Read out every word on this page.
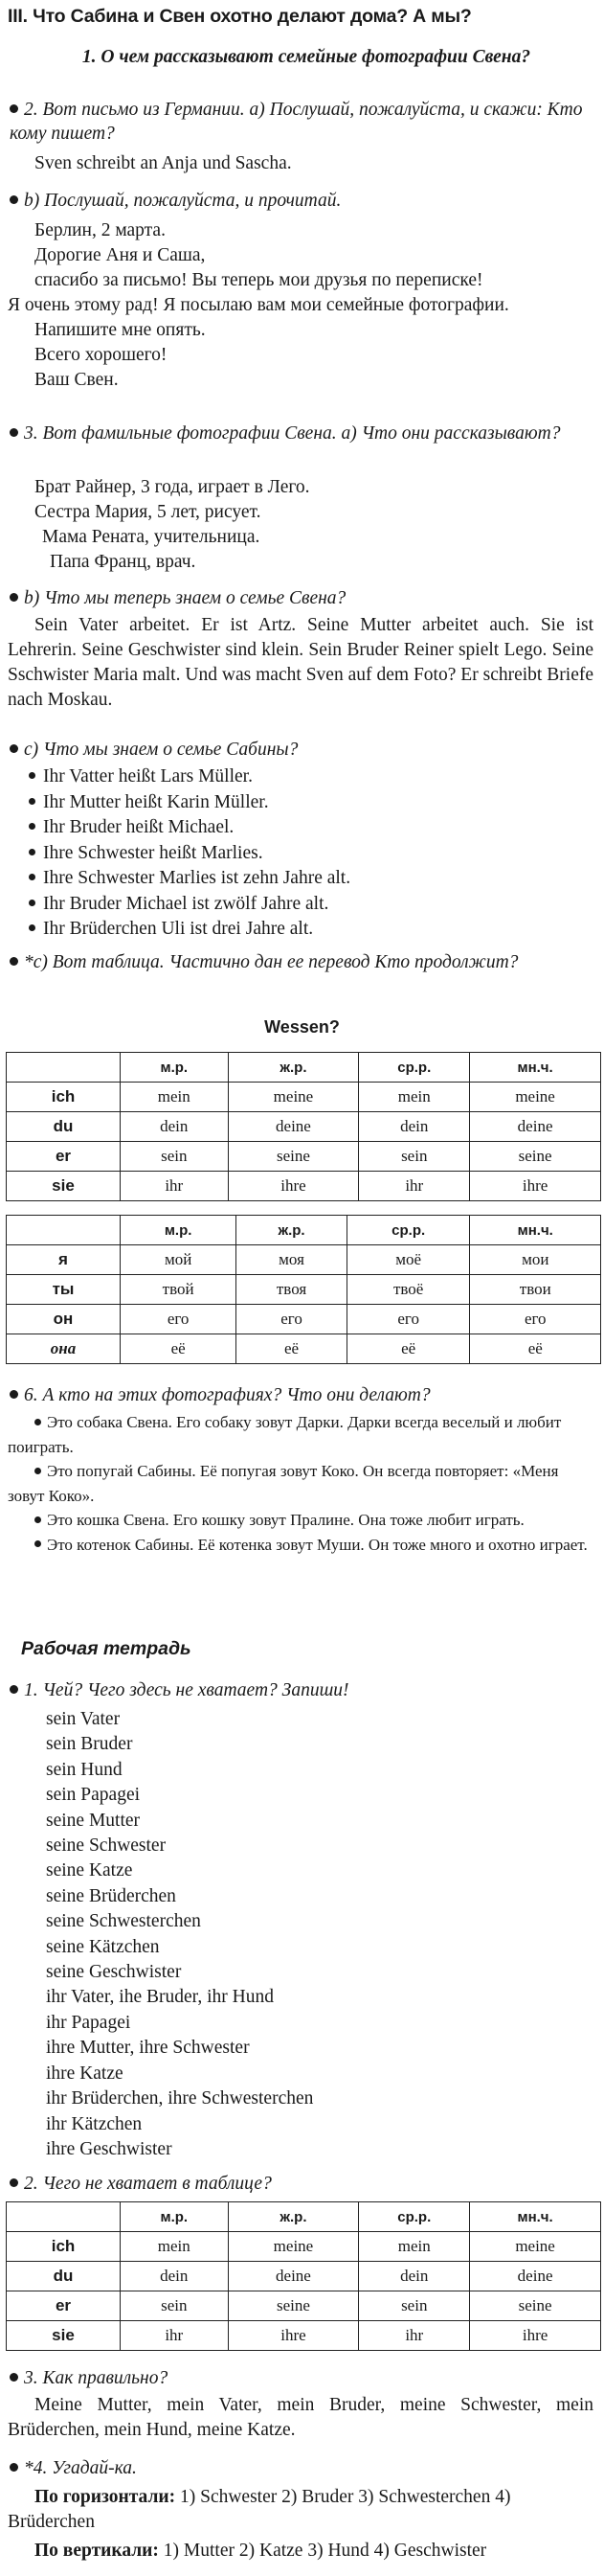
III. Что Сабина и Свен охотно делают дома? А мы?
1. О чем рассказывают семейные фотографии Свена?
2. Вот письмо из Германии. а) Послушай, пожалуйста, и скажи: Кто кому пишет?
Sven schreibt an Anja und Sascha.
b) Послушай, пожалуйста, и прочитай.
Берлин, 2 марта.
Дорогие Аня и Саша,
спасибо за письмо! Вы теперь мои друзья по переписке!
Я очень этому рад! Я посылаю вам мои семейные фотографии.
Напишите мне опять.
Всего хорошего!
Ваш Свен.
3. Вот фамильные фотографии Свена. а) Что они рассказывают?
Брат Райнер, 3 года, играет в Лего.
Сестра Мария, 5 лет, рисует.
Мама Рената, учительница.
Папа Франц, врач.
b) Что мы теперь знаем о семье Свена?
Sein Vater arbeitet. Er ist Artz. Seine Mutter arbeitet auch. Sie ist Lehrerin. Seine Geschwister sind klein. Sein Bruder Reiner spielt Lego. Seine Sschwister Maria malt. Und was macht Sven auf dem Foto? Er schreibt Briefe nach Moskau.
c) Что мы знаем о семье Сабины?
Ihr Vatter heißt Lars Müller.
Ihr Mutter heißt Karin Müller.
Ihr Bruder heißt Michael.
Ihre Schwester heißt Marlies.
Ihre Schwester Marlies ist zehn Jahre alt.
Ihr Bruder Michael ist zwölf Jahre alt.
Ihr Brüderchen Uli ist drei Jahre alt.
*c) Вот таблица. Частично дан ее перевод Кто продолжит?
Wessen?
	м.р.	ж.р.	ср.р.	мн.ч.
ich	mein	meine	mein	meine
du	dein	deine	dein	deine
er	sein	seine	sein	seine
sie	ihr	ihre	ihr	ihre
	м.р.	ж.р.	ср.р.	мн.ч.
я	мой	моя	моё	мои
ты	твой	твоя	твоё	твои
он	его	его	его	его
она	её	её	её	её
6. А кто на этих фотографиях? Что они делают?
Это собака Свена. Его собаку зовут Дарки. Дарки всегда веселый и любит поиграть.
Это попугай Сабины. Её попугая зовут Коко. Он всегда повторяет: «Меня зовут Коко».
Это кошка Свена. Его кошку зовут Пралине. Она тоже любит играть.
Это котенок Сабины. Её котенка зовут Муши. Он тоже много и охотно играет.
Рабочая тетрадь
1. Чей? Чего здесь не хватает? Запиши!
sein Vater
sein Bruder
sein Hund
sein Papagei
seine Mutter
seine Schwester
seine Katze
seine Brüderchen
seine Schwesterchen
seine Kätzchen
seine Geschwister
ihr Vater, ihe Bruder, ihr Hund
ihr Papagei
ihre Mutter, ihre Schwester
ihre Katze
ihr Brüderchen, ihre Schwesterchen
ihr Kätzchen
ihre Geschwister
2. Чего не хватает в таблице?
	м.р.	ж.р.	ср.р.	мн.ч.
ich	mein	meine	mein	meine
du	dein	deine	dein	deine
er	sein	seine	sein	seine
sie	ihr	ihre	ihr	ihre
3. Как правильно?
Meine Mutter, mein Vater, mein Bruder, meine Schwester, mein Brüderchen, mein Hund, meine Katze.
*4. Угадай-ка.
По горизонтали: 1) Schwester 2) Bruder 3) Schwesterchen 4) Brüderchen
По вертикали: 1) Mutter 2) Katze 3) Hund 4) Geschwister
